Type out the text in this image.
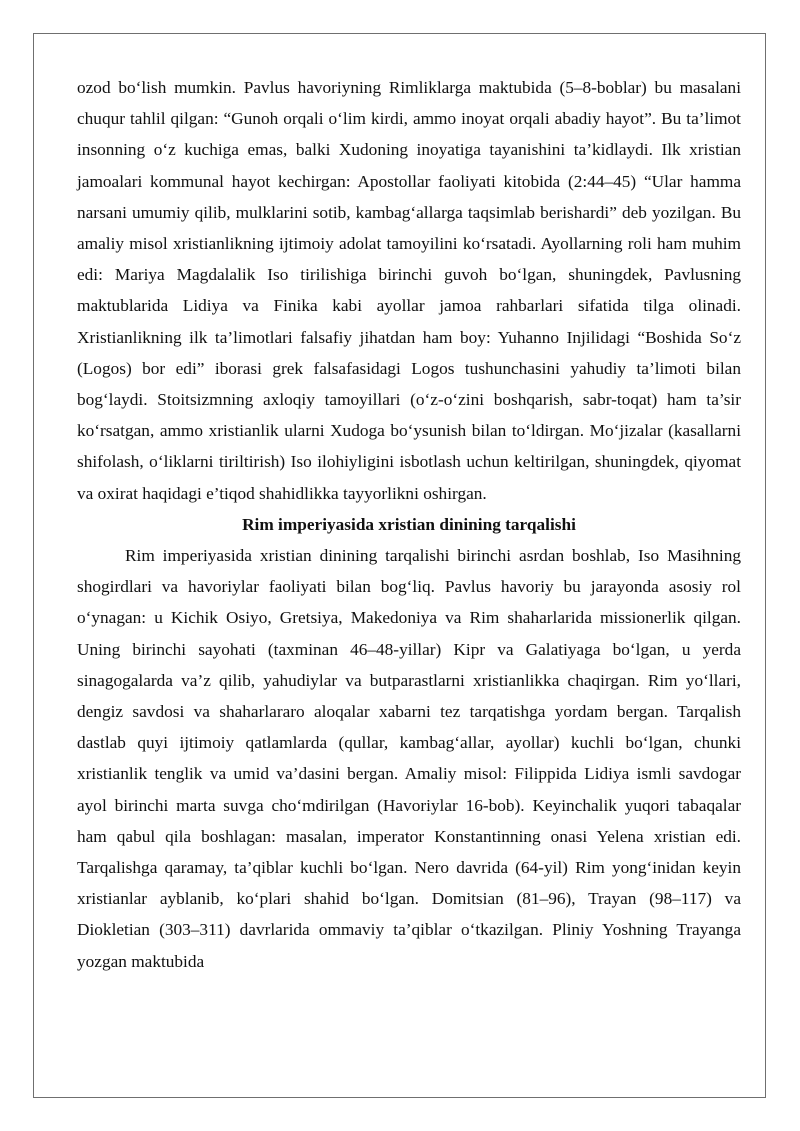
ozod bo‘lish mumkin. Pavlus havoriyning Rimliklarga maktubida (5–8-boblar) bu masalani chuqur tahlil qilgan: “Gunoh orqali o‘lim kirdi, ammo inoyat orqali abadiy hayot”. Bu ta’limot insonning o‘z kuchiga emas, balki Xudoning inoyatiga tayanishini ta’kidlaydi. Ilk xristian jamoalari kommunal hayot kechirgan: Apostollar faoliyati kitobida (2:44–45) “Ular hamma narsani umumiy qilib, mulklarini sotib, kambag‘allarga taqsimlab berishardi” deb yozilgan. Bu amaliy misol xristianlikning ijtimoiy adolat tamoyilini ko‘rsatadi. Ayollarning roli ham muhim edi: Mariya Magdalalik Iso tirilishiga birinchi guvoh bo‘lgan, shuningdek, Pavlusning maktublarida Lidiya va Finika kabi ayollar jamoa rahbarlari sifatida tilga olinadi. Xristianlikning ilk ta’limotlari falsafiy jihatdan ham boy: Yuhanno Injilidagi “Boshida So‘z (Logos) bor edi” iborasi grek falsafasidagi Logos tushunchasini yahudiy ta’limoti bilan bog‘laydi. Stoitsizmning axloqiy tamoyillari (o‘z-o‘zini boshqarish, sabr-toqat) ham ta’sir ko‘rsatgan, ammo xristianlik ularni Xudoga bo‘ysunish bilan to‘ldirgan. Mo‘jizalar (kasallarni shifolash, o‘liklarni tiriltirish) Iso ilohiyligini isbotlash uchun keltirilgan, shuningdek, qiyomat va oxirat haqidagi e’tiqod shahidlikka tayyorlikni oshirgan.

Rim imperiyasida xristian dinining tarqalishi

Rim imperiyasida xristian dinining tarqalishi birinchi asrdan boshlab, Iso Masihning shogirdlari va havoriylar faoliyati bilan bog‘liq. Pavlus havoriy bu jarayonda asosiy rol o‘ynagan: u Kichik Osiyo, Gretsiya, Makedoniya va Rim shaharlarida missionerlik qilgan. Uning birinchi sayohati (taxminan 46–48-yillar) Kipr va Galatiyaga bo‘lgan, u yerda sinagogalarda va’z qilib, yahudiylar va butparastlarni xristianlikka chaqirgan. Rim yo‘llari, dengiz savdosi va shaharlararo aloqalar xabarni tez tarqatishga yordam bergan. Tarqalish dastlab quyi ijtimoiy qatlamlarda (qullar, kambag‘allar, ayollar) kuchli bo‘lgan, chunki xristianlik tenglik va umid va’dasini bergan. Amaliy misol: Filippida Lidiya ismli savdogar ayol birinchi marta suvga cho‘mdirilgan (Havoriylar 16-bob). Keyinchalik yuqori tabaqalar ham qabul qila boshlagan: masalan, imperator Konstantinning onasi Yelena xristian edi. Tarqalishga qaramay, ta’qiblar kuchli bo‘lgan. Nero davrida (64-yil) Rim yong‘inidan keyin xristianlar ayblanib, ko‘plari shahid bo‘lgan. Domitsian (81–96), Trayan (98–117) va Diokletian (303–311) davrlarida ommaviy ta’qiblar o‘tkazilgan. Pliniy Yoshning Trayanga yozgan maktubida
